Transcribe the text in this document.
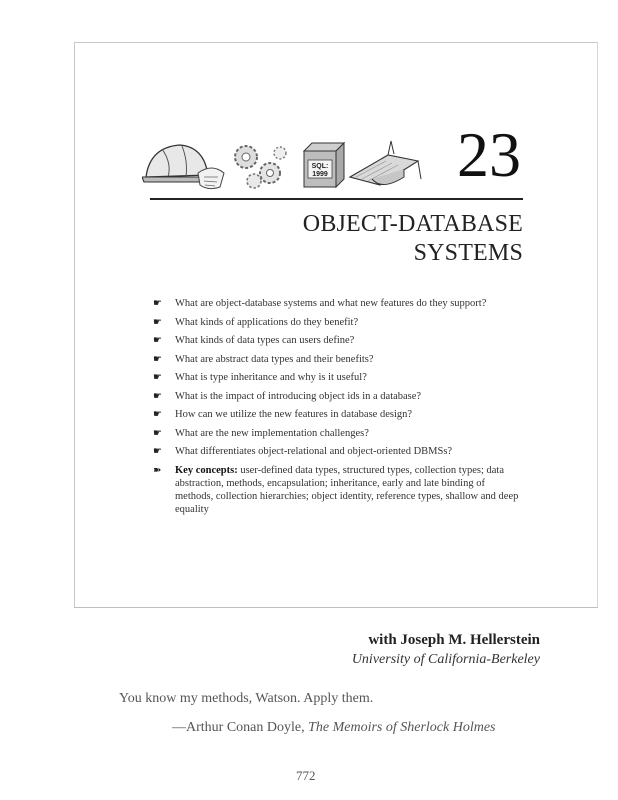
SQL:
1999 23
OBJECT-DATABASE
SYSTEMS
☛	What are object-database systems and what new features do they support?
☛	What kinds of applications do they benefit?
☛	What kinds of data types can users define?
☛	What are abstract data types and their benefits?
☛	What is type inheritance and why is it useful?
☛	What is the impact of introducing object ids in a database?
☛	How can we utilize the new features in database design?
☛	What are the new implementation challenges?
☛	What differentiates object-relational and object-oriented DBMSs?
➽	Key concepts: user-defined data types, structured types, collection types; data abstraction, methods, encapsulation; inheritance, early and late binding of methods, collection hierarchies; object identity, reference types, shallow and deep equality
with Joseph M. Hellerstein
University of California-Berkeley
You know my methods, Watson. Apply them.
—Arthur Conan Doyle, The Memoirs of Sherlock Holmes
772
